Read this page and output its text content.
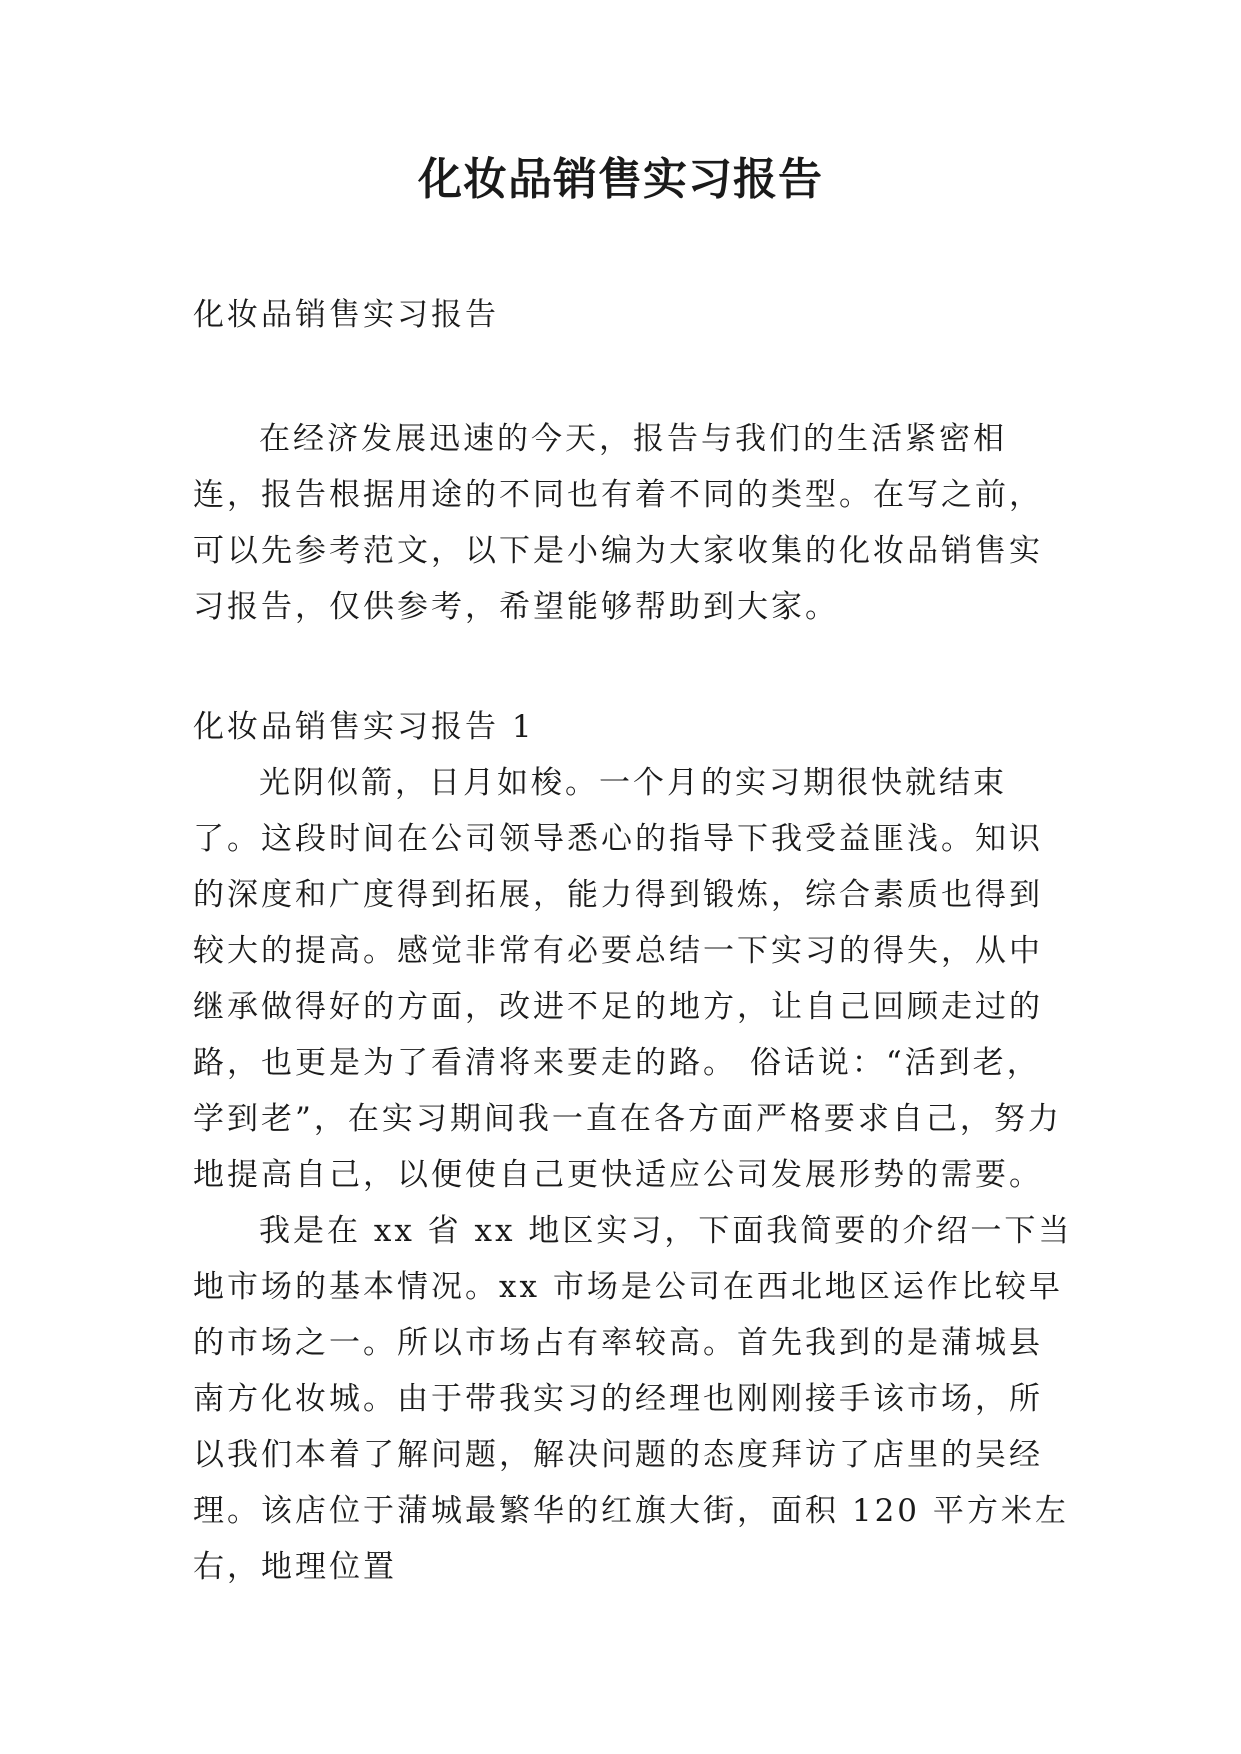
化妆品销售实习报告
化妆品销售实习报告

在经济发展迅速的今天，报告与我们的生活紧密相连，报告根据用途的不同也有着不同的类型。在写之前，可以先参考范文，以下是小编为大家收集的化妆品销售实习报告，仅供参考，希望能够帮助到大家。

化妆品销售实习报告 1

光阴似箭，日月如梭。一个月的实习期很快就结束了。这段时间在公司领导悉心的指导下我受益匪浅。知识的深度和广度得到拓展，能力得到锻炼，综合素质也得到较大的提高。感觉非常有必要总结一下实习的得失，从中继承做得好的方面，改进不足的地方，让自己回顾走过的路，也更是为了看清将来要走的路。 俗话说：“活到老，学到老”，在实习期间我一直在各方面严格要求自己，努力地提高自己，以便使自己更快适应公司发展形势的需要。

我是在 xx 省 xx 地区实习，下面我简要的介绍一下当地市场的基本情况。xx 市场是公司在西北地区运作比较早的市场之一。所以市场占有率较高。首先我到的是蒲城县南方化妆城。由于带我实习的经理也刚刚接手该市场，所以我们本着了解问题，解决问题的态度拜访了店里的吴经理。该店位于蒲城最繁华的红旗大街，面积 120 平方米左右，地理位置
